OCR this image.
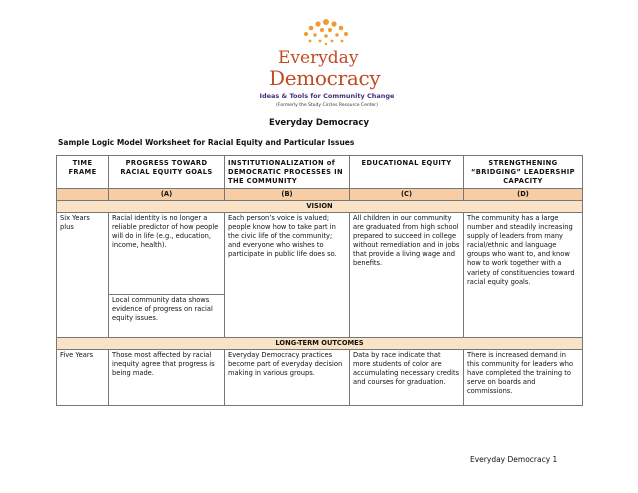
Everyday
Democracy
Ideas & Tools for Community Change
(Formerly the Study Circles Resource Center)
Everyday Democracy
Sample Logic Model Worksheet for Racial Equity and Particular Issues
TIME FRAME	PROGRESS TOWARD RACIAL EQUITY GOALS	INSTITUTIONALIZATION of DEMOCRATIC PROCESSES IN THE COMMUNITY	EDUCATIONAL EQUITY	STRENGTHENING “BRIDGING” LEADERSHIP CAPACITY
	(A)	(B)	(C)	(D)
VISION				
Six Years plus	Racial identity is no longer a reliable predictor of how people will do in life (e.g., education, income, health).	Each person’s voice is valued; people know how to take part in the civic life of the community; and everyone who wishes to participate in public life does so.	All children in our community are graduated from high school prepared to succeed in college without remediation and in jobs that provide a living wage and benefits.	The community has a large number and steadily increasing supply of leaders from many racial/ethnic and language groups who want to, and know how to work together with a variety of constituencies toward racial equity goals.
	Local community data shows evidence of progress on racial equity issues.			
LONG-TERM OUTCOMES				
Five Years	Those most affected by racial inequity agree that progress is being made.	Everyday Democracy practices become part of everyday decision making in various groups.	Data by race indicate that more students of color are accumulating necessary credits and courses for graduation.	There is increased demand in this community for leaders who have completed the training to serve on boards and commissions.
Everyday Democracy 1
